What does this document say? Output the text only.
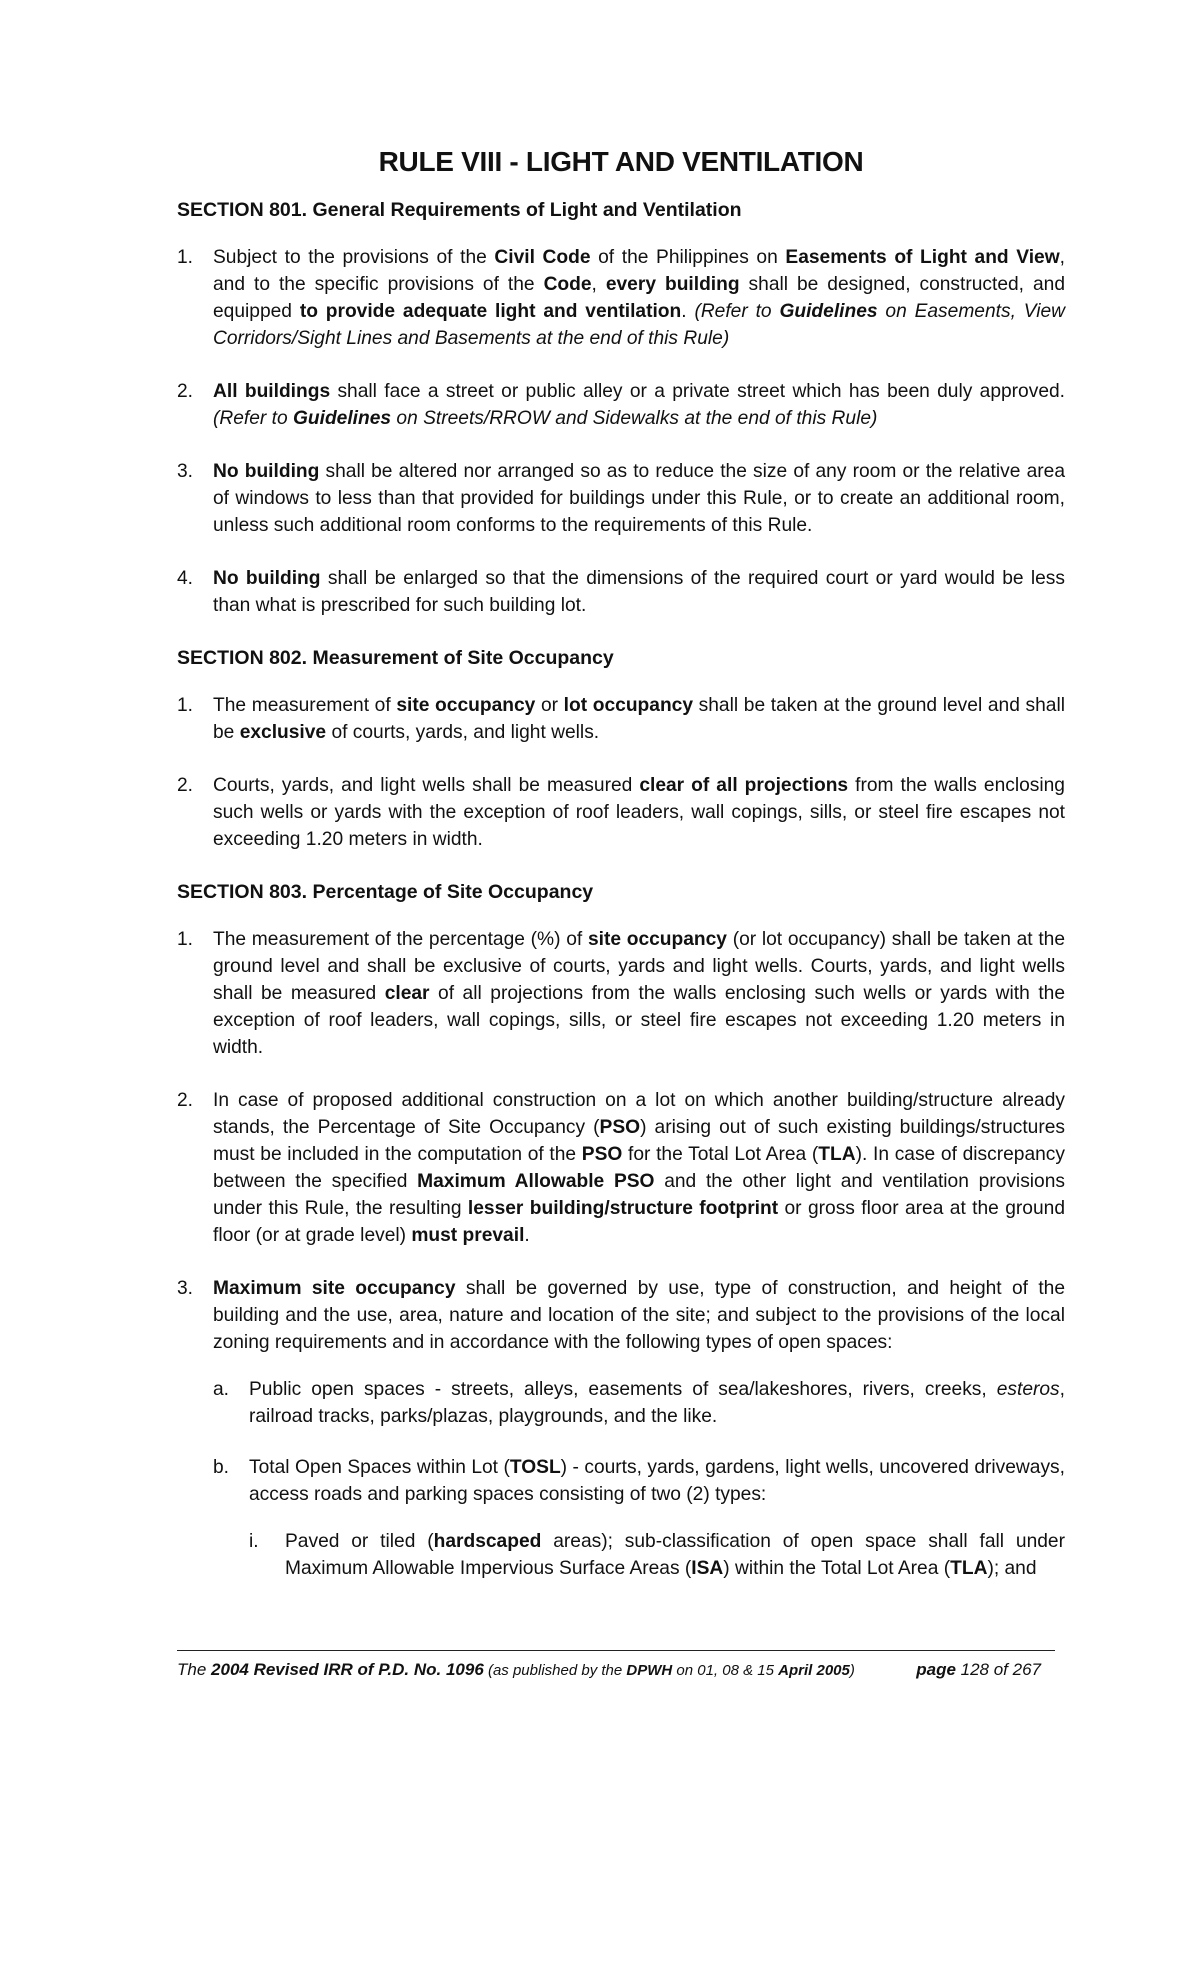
RULE VIII - LIGHT AND VENTILATION
SECTION 801. General Requirements of Light and Ventilation
1.	Subject to the provisions of the Civil Code of the Philippines on Easements of Light and View, and to the specific provisions of the Code, every building shall be designed, constructed, and equipped to provide adequate light and ventilation. (Refer to Guidelines on Easements, View Corridors/Sight Lines and Basements at the end of this Rule)
2.	All buildings shall face a street or public alley or a private street which has been duly approved. (Refer to Guidelines on Streets/RROW and Sidewalks at the end of this Rule)
3.	No building shall be altered nor arranged so as to reduce the size of any room or the relative area of windows to less than that provided for buildings under this Rule, or to create an additional room, unless such additional room conforms to the requirements of this Rule.
4.	No building shall be enlarged so that the dimensions of the required court or yard would be less than what is prescribed for such building lot.
SECTION 802. Measurement of Site Occupancy
1.	The measurement of site occupancy or lot occupancy shall be taken at the ground level and shall be exclusive of courts, yards, and light wells.
2.	Courts, yards, and light wells shall be measured clear of all projections from the walls enclosing such wells or yards with the exception of roof leaders, wall copings, sills, or steel fire escapes not exceeding 1.20 meters in width.
SECTION 803. Percentage of Site Occupancy
1.	The measurement of the percentage (%) of site occupancy (or lot occupancy) shall be taken at the ground level and shall be exclusive of courts, yards and light wells. Courts, yards, and light wells shall be measured clear of all projections from the walls enclosing such wells or yards with the exception of roof leaders, wall copings, sills, or steel fire escapes not exceeding 1.20 meters in width.
2.	In case of proposed additional construction on a lot on which another building/structure already stands, the Percentage of Site Occupancy (PSO) arising out of such existing buildings/structures must be included in the computation of the PSO for the Total Lot Area (TLA). In case of discrepancy between the specified Maximum Allowable PSO and the other light and ventilation provisions under this Rule, the resulting lesser building/structure footprint or gross floor area at the ground floor (or at grade level) must prevail.
3.	Maximum site occupancy shall be governed by use, type of construction, and height of the building and the use, area, nature and location of the site; and subject to the provisions of the local zoning requirements and in accordance with the following types of open spaces:
a.	Public open spaces - streets, alleys, easements of sea/lakeshores, rivers, creeks, esteros, railroad tracks, parks/plazas, playgrounds, and the like.
b.	Total Open Spaces within Lot (TOSL) - courts, yards, gardens, light wells, uncovered driveways, access roads and parking spaces consisting of two (2) types:
i.	Paved or tiled (hardscaped areas); sub-classification of open space shall fall under Maximum Allowable Impervious Surface Areas (ISA) within the Total Lot Area (TLA); and
The 2004 Revised IRR of P.D. No. 1096 (as published by the DPWH on 01, 08 & 15 April 2005)	page 128 of 267
